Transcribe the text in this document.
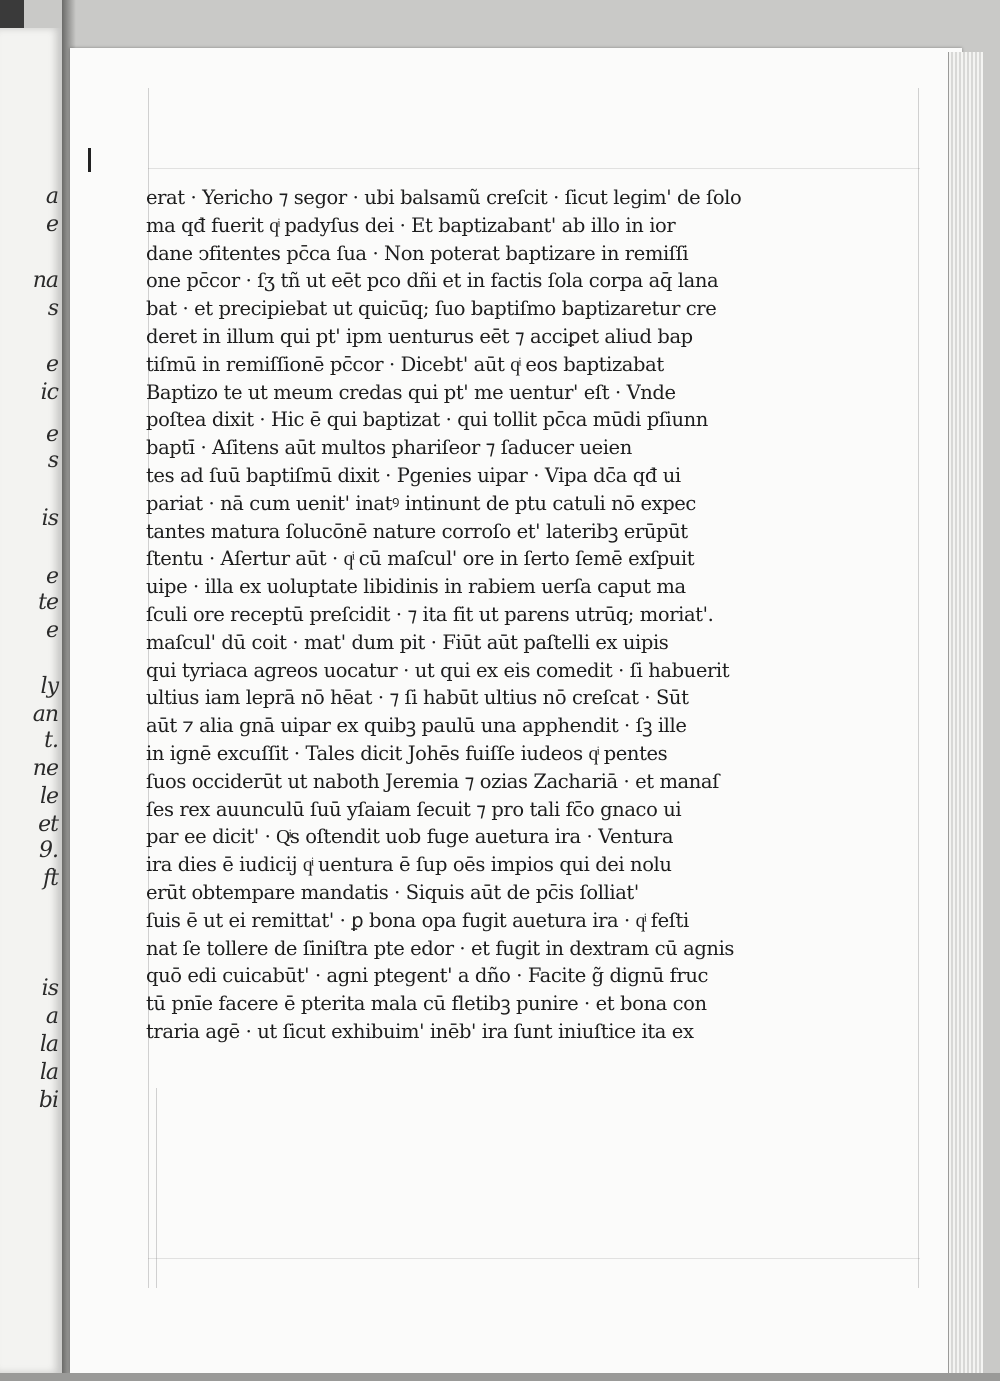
a
e
na
s
e
ic
e
s
is
e
te
e
ly
an
t.
ne
le
et
9.
ft
is
a
la
la
bi
erat · Yericho ⁊ segor · ubi balsamũ creſcit · ſicut legim' de ſolo
ma qđ fuerit qͥ padyſus dei · Et baptizabant' ab illo in ior
dane ↄfitentes pc̄ca ſua · Non poterat baptizare in remiſſi
one pc̄cor · ſʒ tñ ut eēt pco dñi et in factis ſola corpa aq̄ lana
bat · et precipiebat ut quicūq; ſuo baptiſmo baptizaretur cre
deret in illum qui pt' ipm uenturus eēt ⁊ acciꝑet aliud bap
tiſmū in remiſſionē pc̄cor · Dicebt' aūt qͥ eos baptizabat
Baptizo te ut meum credas qui pt' me uentur' eſt · Vnde
poſtea dixit · Hic ē qui baptizat · qui tollit pc̄ca mūdi pſiunn
baptī · Aſitens aūt multos phariſeor ⁊ ſaducer ueien
tes ad ſuū baptiſmū dixit · Pgenies uipar · Vipa dc̄a qđ ui
pariat · nā cum uenit' inatꝰ intinunt de ptu catuli nō expec
tantes matura ſolucōnē nature corroſo et' lateribꝫ erūpūt
ſtentu · Aſertur aūt · qͥ cū maſcul' ore in ſerto ſemē exſpuit
uipe · illa ex uoluptate libidinis in rabiem uerſa caput ma
ſculi ore receptū preſcidit · ⁊ ita fit ut parens utrūq; moriat'.
maſcul' dū coit · mat' dum pit · Fiūt aūt paſtelli ex uipis
qui tyriaca agreos uocatur · ut qui ex eis comedit · ſi habuerit
ultius iam leprā nō hēat · ⁊ ſi habūt ultius nō creſcat · Sūt
aūt ⁊ alia gnā uipar ex quibꝫ paulū una apphendit · ſꝫ ille
in ignē excuſſit · Tales dicit Johēs fuiſſe iudeos qͥ pentes
ſuos occiderūt ut naboth Jeremia ⁊ ozias Zachariā · et manaſ
ſes rex auunculū ſuū yſaiam ſecuit ⁊ pro tali fc̄o gnaco ui
par ee dicit' · Qͥs oſtendit uob fuge auetura ira · Ventura
ira dies ē iudicij qͥ uentura ē ſup oēs impios qui dei nolu
erūt obtempare mandatis · Siquis aūt de pc̄is ſolliat'
ſuis ē ut ei remittat' · ꝑ bona opa fugit auetura ira · qͥ feſti
nat ſe tollere de ſiniſtra pte edor · et fugit in dextram cū agnis
quō edi cuicabūt' · agni ptegent' a dño · Facite g̃ dignū fruc
tū pnīe facere ē pterita mala cū fletibꝫ punire · et bona con
traria agē · ut ſicut exhibuim' inēb' ira ſunt iniuſtice ita ex
